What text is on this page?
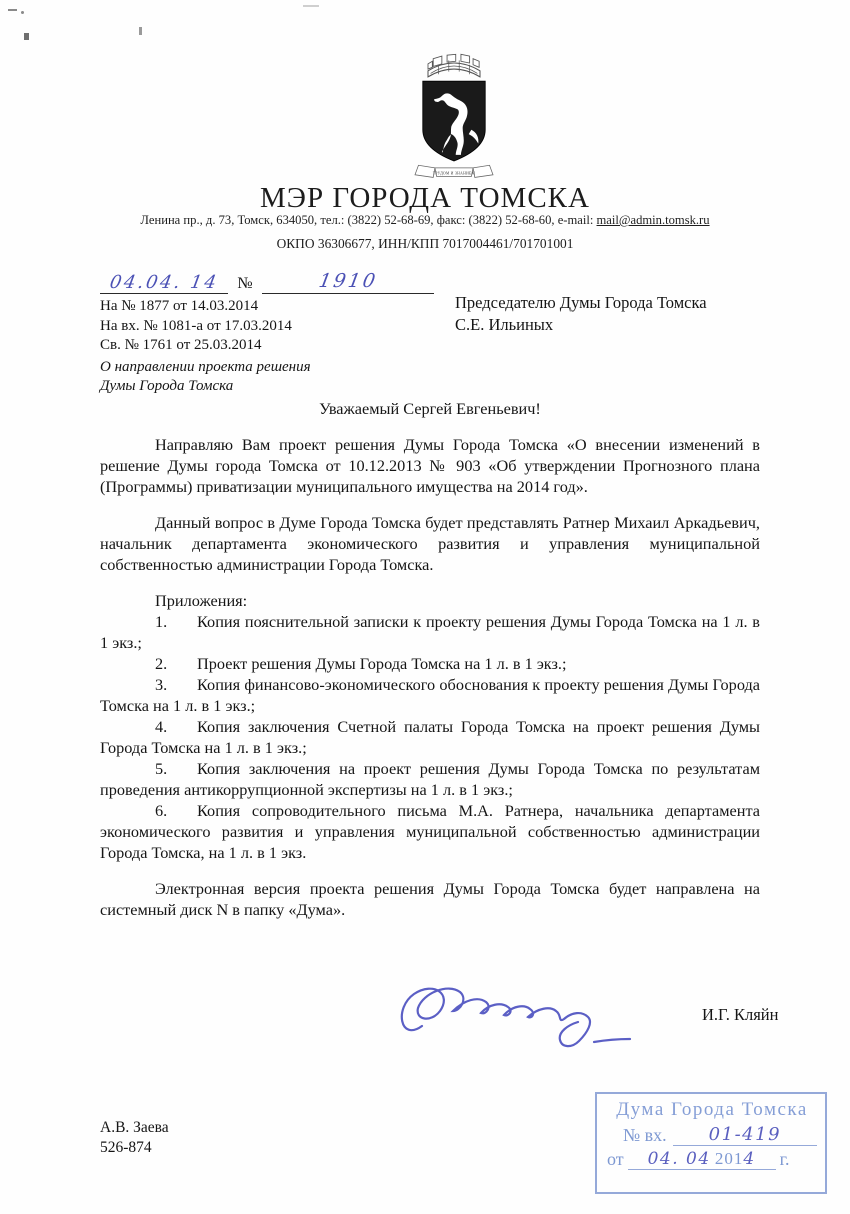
ТРУДОМ И ЗНАНИЕМ
МЭР ГОРОДА ТОМСКА
Ленина пр., д. 73, Томск, 634050, тел.: (3822) 52-68-69, факс: (3822) 52-68-60, e-mail: mail@admin.tomsk.ru
ОКПО 36306677, ИНН/КПП 7017004461/701701001
04.04. 14	№	1910
На № 1877 от 14.03.2014
На вх. № 1081-а от 17.03.2014
Св. № 1761 от 25.03.2014
О направлении проекта решения
Думы Города Томска
Председателю Думы Города Томска
С.Е. Ильиных
Уважаемый Сергей Евгеньевич!

Направляю Вам проект решения Думы Города Томска «О внесении изменений в решение Думы города Томска от 10.12.2013 № 903 «Об утверждении Прогнозного плана (Программы) приватизации муниципального имущества на 2014 год».

Данный вопрос в Думе Города Томска будет представлять Ратнер Михаил Аркадьевич, начальник департамента экономического развития и управления муниципальной собственностью администрации Города Томска.

Приложения:

1. Копия пояснительной записки к проекту решения Думы Города Томска на 1 л. в 1 экз.;

2. Проект решения Думы Города Томска на 1 л. в 1 экз.;

3. Копия финансово-экономического обоснования к проекту решения Думы Города Томска на 1 л. в 1 экз.;

4. Копия заключения Счетной палаты Города Томска на проект решения Думы Города Томска на 1 л. в 1 экз.;

5. Копия заключения на проект решения Думы Города Томска по результатам проведения антикоррупционной экспертизы на 1 л. в 1 экз.;

6. Копия сопроводительного письма М.А. Ратнера, начальника департамента экономического развития и управления муниципальной собственностью администрации Города Томска, на 1 л. в 1 экз.

Электронная версия проекта решения Думы Города Томска будет направлена на системный диск N в папку «Дума».

И.Г. Кляйн
А.В. Заева
526-874
Дума Города Томска
№ вх.	01-419
от	04. 04 2014	г.
